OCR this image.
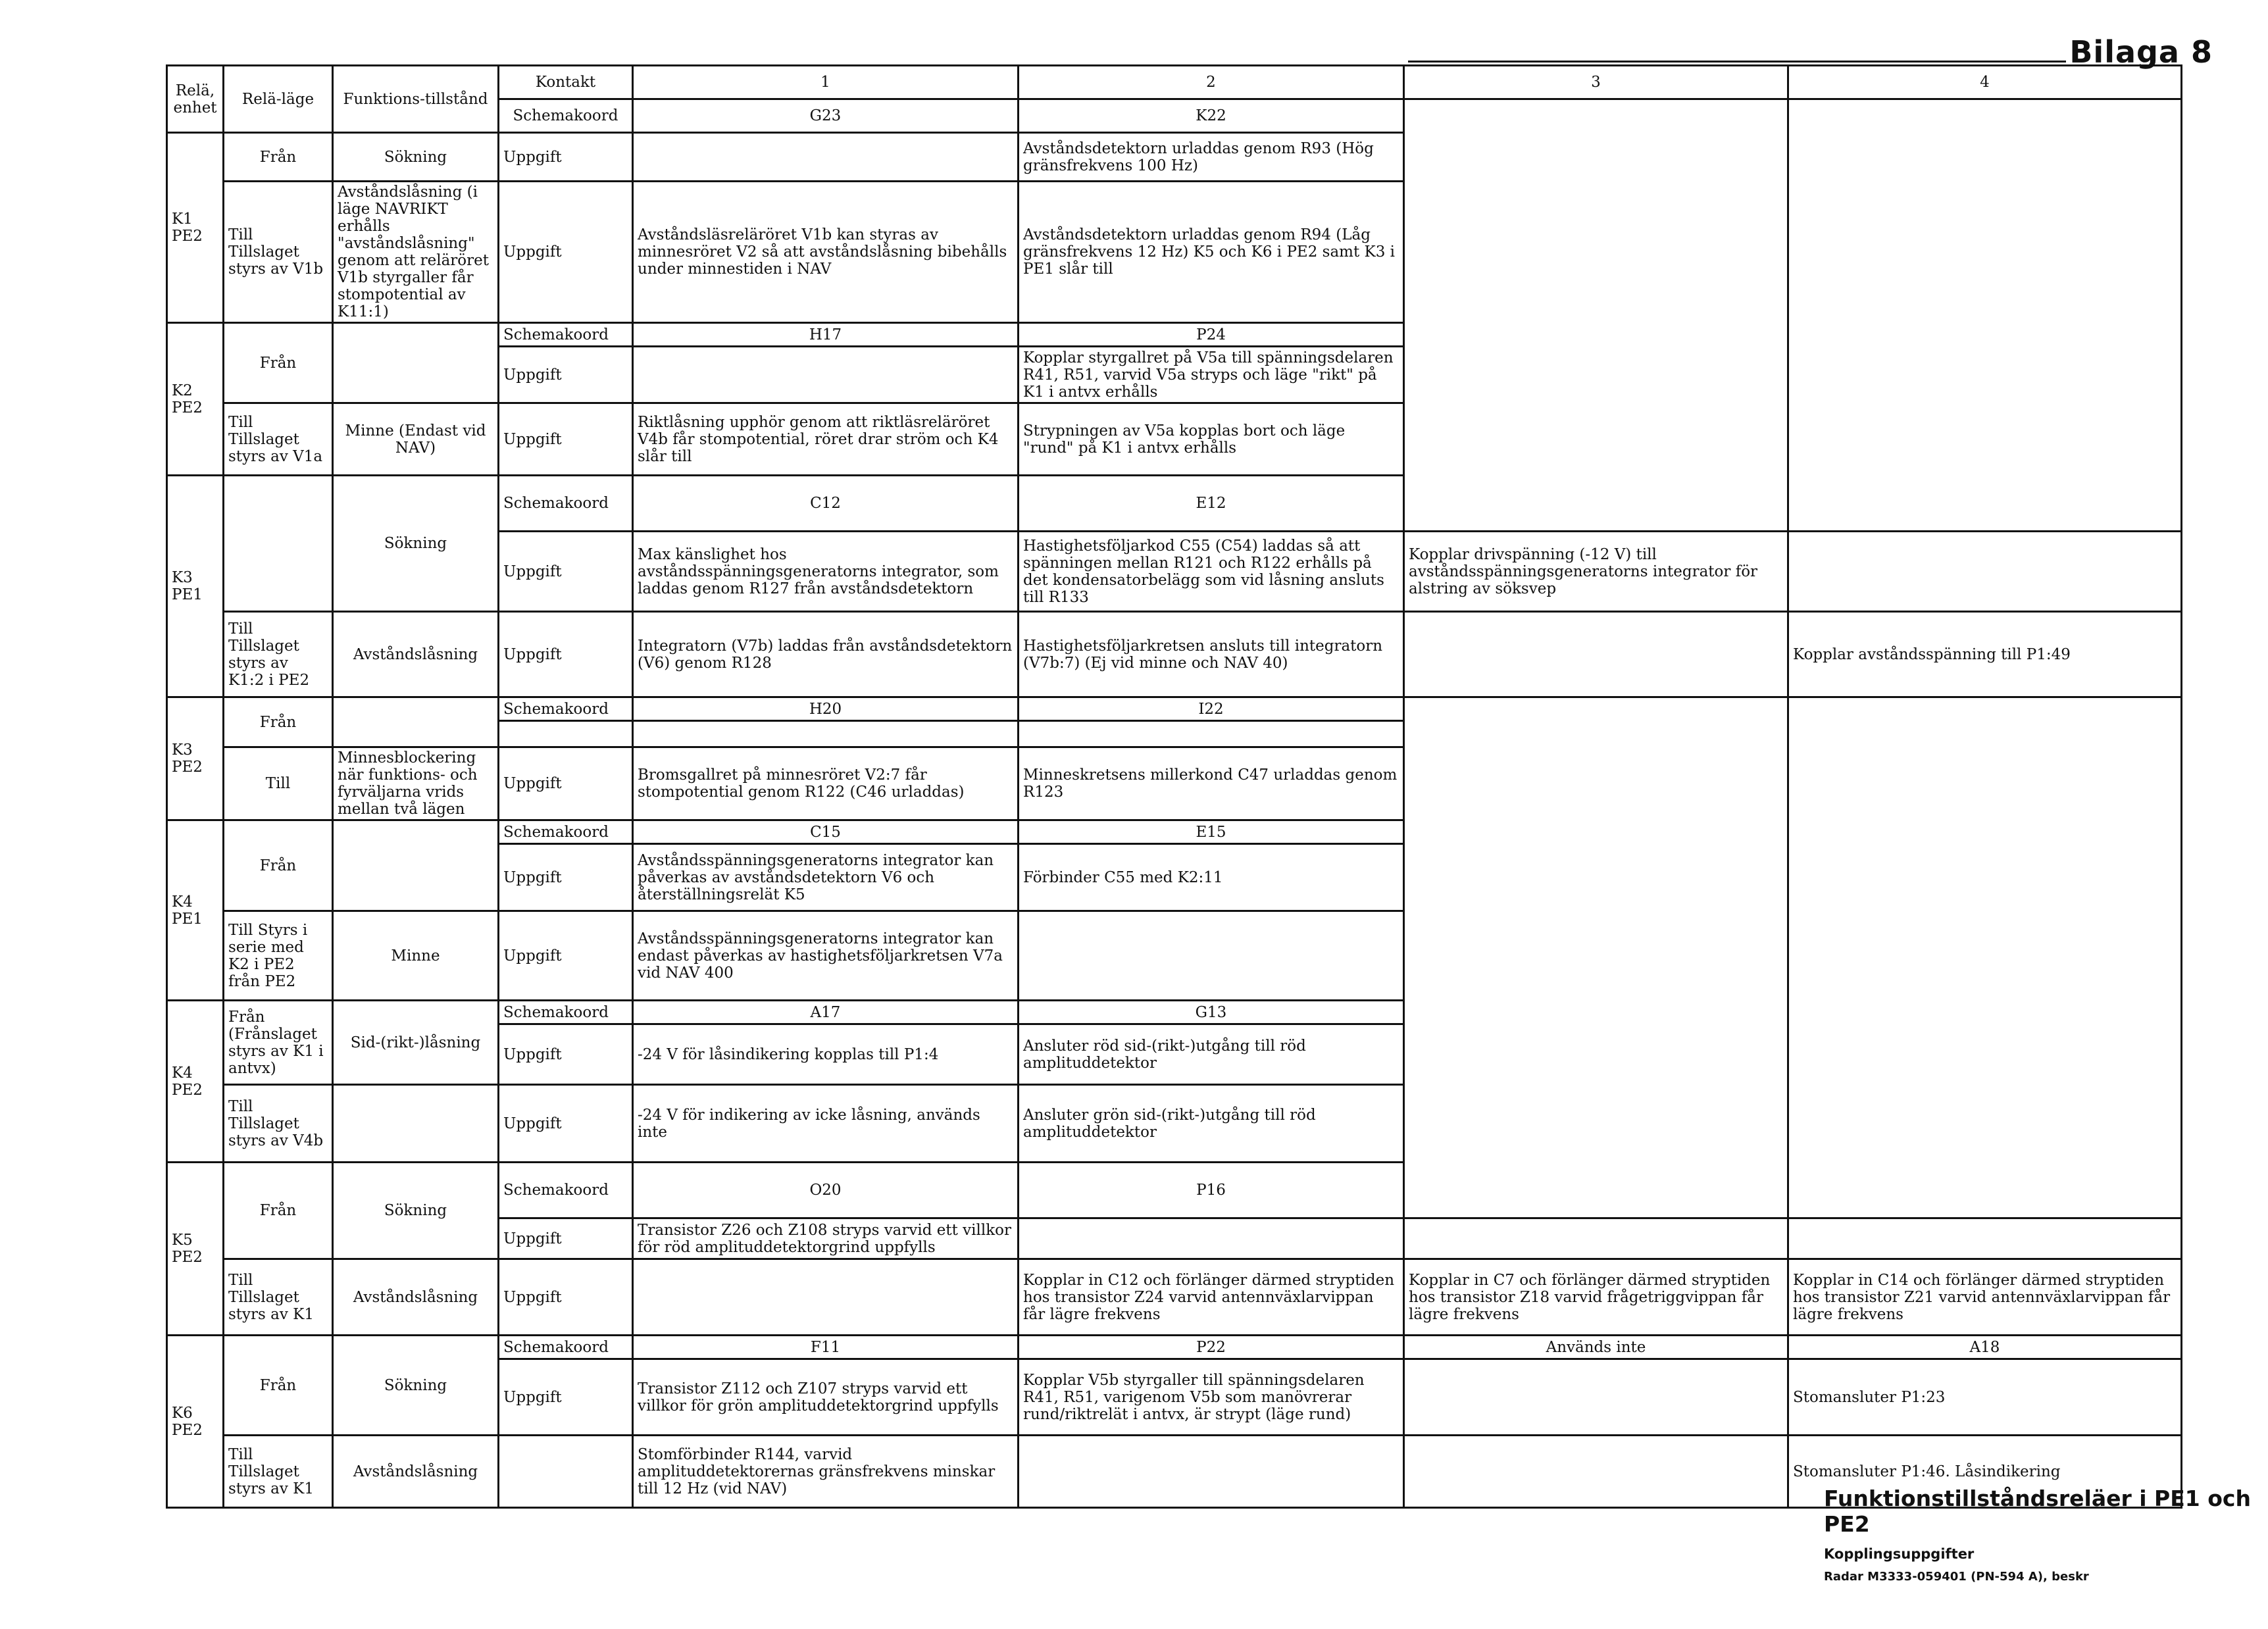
Bilaga 8
Relä, enhet	Relä-läge	Funktions-tillstånd	Kontakt	1	2	3	4	
			Schemakoord	G23	K22			
K1 PE2	Från	Sökning	Uppgift		Avståndsdetektorn urladdas genom R93 (Hög gränsfrekvens 100 Hz)			
	Till Tillslaget styrs av V1b	Avståndslåsning (i läge NAVRIKT erhålls "avståndslåsning" genom att reläröret V1b styrgaller får stompotential av K11:1)	Uppgift	Avståndsläsreläröret V1b kan styras av minnesröret V2 så att avståndslåsning bibehålls under minnestiden i NAV	Avståndsdetektorn urladdas genom R94 (Låg gränsfrekvens 12 Hz) K5 och K6 i PE2 samt K3 i PE1 slår till			
K2 PE2	Från		Schemakoord	H17	P24			
			Uppgift		Kopplar styrgallret på V5a till spänningsdelaren R41, R51, varvid V5a stryps och läge "rikt" på K1 i antvx erhålls			
	Till Tillslaget styrs av V1a	Minne (Endast vid NAV)	Uppgift	Riktlåsning upphör genom att riktläsreläröret V4b får stompotential, röret drar ström och K4 slår till	Strypningen av V5a kopplas bort och läge "rund" på K1 i antvx erhålls			
K3 PE1		Sökning	Schemakoord	C12	E12		
			Uppgift	Max känslighet hos avståndsspänningsgeneratorns integrator, som laddas genom R127 från avståndsdetektorn	Hastighetsföljarkod C55 (C54) laddas så att spänningen mellan R121 och R122 erhålls på det kondensatorbelägg som vid låsning ansluts till R133	Kopplar drivspänning (-12 V) till avståndsspänningsgeneratorns integrator för alstring av söksvep		
	Till Tillslaget styrs av K1:2 i PE2	Avståndslåsning	Uppgift	Integratorn (V7b) laddas från avståndsdetektorn (V6) genom R128	Hastighetsföljarkretsen ansluts till integratorn (V7b:7) (Ej vid minne och NAV 40)		Kopplar avståndsspänning till P1:49	
K3 PE2	Från		Schemakoord	H20	I22			

	Till	Minnesblockering när funktions- och fyrväljarna vrids mellan två lägen	Uppgift	Bromsgallret på minnesröret V2:7 får stompotential genom R122 (C46 urladdas)	Minneskretsens millerkond C47 urladdas genom R123			
K4 PE1	Från		Schemakoord	C15	E15			
			Uppgift	Avståndsspänningsgeneratorns integrator kan påverkas av avståndsdetektorn V6 och återställningsrelät K5	Förbinder C55 med K2:11			
	Till Styrs i serie med K2 i PE2 från PE2	Minne	Uppgift	Avståndsspänningsgeneratorns integrator kan endast påverkas av hastighetsföljarkretsen V7a vid NAV 400				
K4 PE2	Från (Frånslaget styrs av K1 i antvx)	Sid-(rikt-)låsning	Schemakoord	A17	G13			
			Uppgift	-24 V för låsindikering kopplas till P1:4	Ansluter röd sid-(rikt-)utgång till röd amplituddetektor			
	Till Tillslaget styrs av V4b		Uppgift	-24 V för indikering av icke låsning, används inte	Ansluter grön sid-(rikt-)utgång till röd amplituddetektor			
K5 PE2	Från	Sökning	Schemakoord	O20	P16		
			Uppgift	Transistor Z26 och Z108 stryps varvid ett villkor för röd amplituddetektorgrind uppfylls				
	Till Tillslaget styrs av K1	Avståndslåsning	Uppgift		Kopplar in C12 och förlänger därmed stryptiden hos transistor Z24 varvid antennväxlarvippan får lägre frekvens	Kopplar in C7 och förlänger därmed stryptiden hos transistor Z18 varvid frågetriggvippan får lägre frekvens	Kopplar in C14 och förlänger därmed stryptiden hos transistor Z21 varvid antennväxlarvippan får lägre frekvens	
K6 PE2	Från	Sökning	Schemakoord	F11	P22	Används inte	A18	
			Uppgift	Transistor Z112 och Z107 stryps varvid ett villkor för grön amplituddetektorgrind uppfylls	Kopplar V5b styrgaller till spänningsdelaren R41, R51, varigenom V5b som manövrerar rund/riktrelät i antvx, är strypt (läge rund)		Stomansluter P1:23	
	Till Tillslaget styrs av K1	Avståndslåsning		Stomförbinder R144, varvid amplituddetektorernas gränsfrekvens minskar till 12 Hz (vid NAV)			Stomansluter P1:46. Låsindikering	
Funktionstillståndsreläer i PE1 och PE2
Kopplingsuppgifter
Radar M3333-059401 (PN-594 A), beskr
